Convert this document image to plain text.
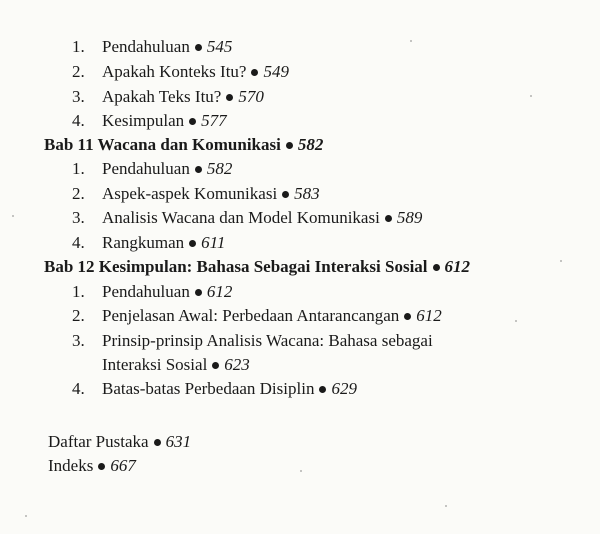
1. Pendahuluan 545
2. Apakah Konteks Itu? 549
3. Apakah Teks Itu? 570
4. Kesimpulan 577
Bab 11 Wacana dan Komunikasi 582
1. Pendahuluan 582
2. Aspek-aspek Komunikasi 583
3. Analisis Wacana dan Model Komunikasi 589
4. Rangkuman 611
Bab 12 Kesimpulan: Bahasa Sebagai Interaksi Sosial 612
1. Pendahuluan 612
2. Penjelasan Awal: Perbedaan Antarancangan 612
3. Prinsip-prinsip Analisis Wacana: Bahasa sebagai
Interaksi Sosial 623
4. Batas-batas Perbedaan Disiplin 629
Daftar Pustaka 631
Indeks 667
